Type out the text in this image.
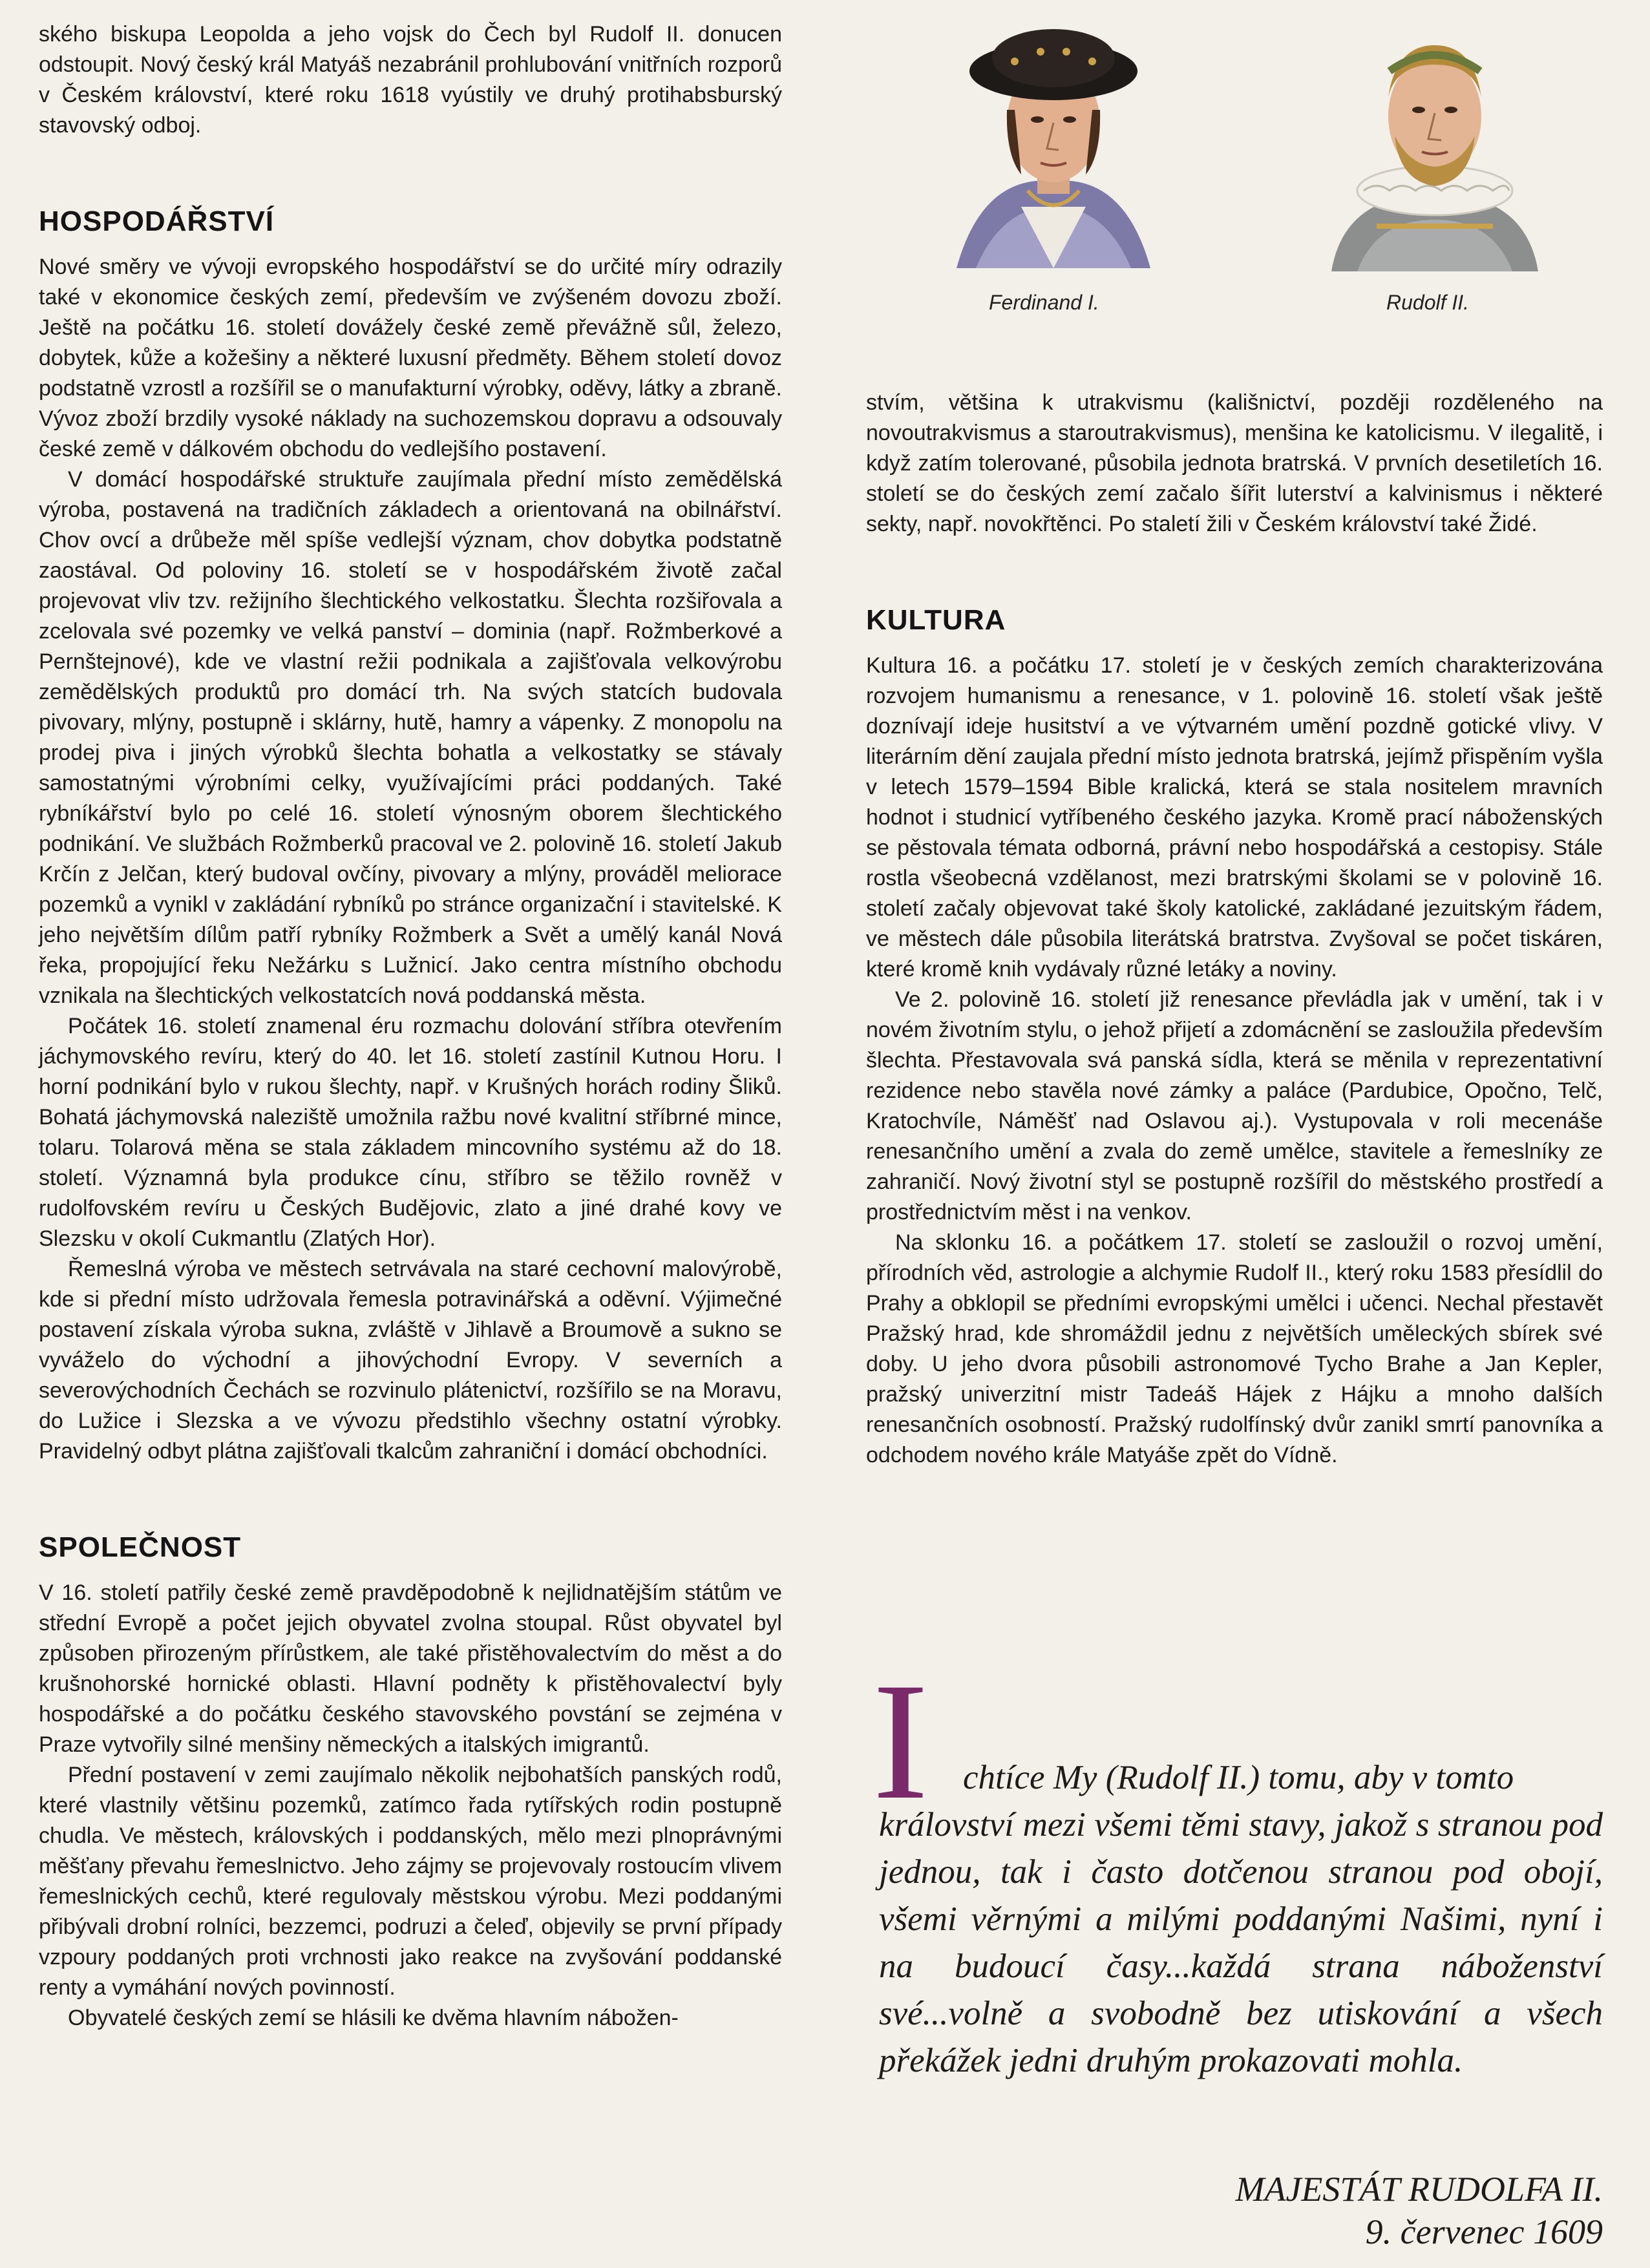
ského biskupa Leopolda a jeho vojsk do Čech byl Rudolf II. donucen odstoupit. Nový český král Matyáš nezabránil prohlubování vnitřních rozporů v Českém království, které roku 1618 vyústily ve druhý protihabsburský stavovský odboj.

HOSPODÁŘSTVÍ

Nové směry ve vývoji evropského hospodářství se do určité míry odrazily také v ekonomice českých zemí, především ve zvýšeném dovozu zboží. Ještě na počátku 16. století dovážely české země převážně sůl, železo, dobytek, kůže a kožešiny a některé luxusní předměty. Během století dovoz podstatně vzrostl a rozšířil se o manufakturní výrobky, oděvy, látky a zbraně. Vývoz zboží brzdily vysoké náklady na suchozemskou dopravu a odsouvaly české země v dálkovém obchodu do vedlejšího postavení.

V domácí hospodářské struktuře zaujímala přední místo zemědělská výroba, postavená na tradičních základech a orientovaná na obilnářství. Chov ovcí a drůbeže měl spíše vedlejší význam, chov dobytka podstatně zaostával. Od poloviny 16. století se v hospodářském životě začal projevovat vliv tzv. režijního šlechtického velkostatku. Šlechta rozšiřovala a zcelovala své pozemky ve velká panství – dominia (např. Rožmberkové a Pernštejnové), kde ve vlastní režii podnikala a zajišťovala velkovýrobu zemědělských produktů pro domácí trh. Na svých statcích budovala pivovary, mlýny, postupně i sklárny, hutě, hamry a vápenky. Z monopolu na prodej piva i jiných výrobků šlechta bohatla a velkostatky se stávaly samostatnými výrobními celky, využívajícími práci poddaných. Také rybníkářství bylo po celé 16. století výnosným oborem šlechtického podnikání. Ve službách Rožmberků pracoval ve 2. polovině 16. století Jakub Krčín z Jelčan, který budoval ovčíny, pivovary a mlýny, prováděl meliorace pozemků a vynikl v zakládání rybníků po stránce organizační i stavitelské. K jeho největším dílům patří rybníky Rožmberk a Svět a umělý kanál Nová řeka, propojující řeku Nežárku s Lužnicí. Jako centra místního obchodu vznikala na šlechtických velkostatcích nová poddanská města.

Počátek 16. století znamenal éru rozmachu dolování stříbra otevřením jáchymovského revíru, který do 40. let 16. století zastínil Kutnou Horu. I horní podnikání bylo v rukou šlechty, např. v Krušných horách rodiny Šliků. Bohatá jáchymovská naleziště umožnila ražbu nové kvalitní stříbrné mince, tolaru. Tolarová měna se stala základem mincovního systému až do 18. století. Významná byla produkce cínu, stříbro se těžilo rovněž v rudolfovském revíru u Českých Budějovic, zlato a jiné drahé kovy ve Slezsku v okolí Cukmantlu (Zlatých Hor).

Řemeslná výroba ve městech setrvávala na staré cechovní malovýrobě, kde si přední místo udržovala řemesla potravinářská a oděvní. Výjimečné postavení získala výroba sukna, zvláště v Jihlavě a Broumově a sukno se vyváželo do východní a jihovýchodní Evropy. V severních a severovýchodních Čechách se rozvinulo plátenictví, rozšířilo se na Moravu, do Lužice i Slezska a ve vývozu předstihlo všechny ostatní výrobky. Pravidelný odbyt plátna zajišťovali tkalcům zahraniční i domácí obchodníci.

SPOLEČNOST

V 16. století patřily české země pravděpodobně k nejlidnatějším státům ve střední Evropě a počet jejich obyvatel zvolna stoupal. Růst obyvatel byl způsoben přirozeným přírůstkem, ale také přistěhovalectvím do měst a do krušnohorské hornické oblasti. Hlavní podněty k přistěhovalectví byly hospodářské a do počátku českého stavovského povstání se zejména v Praze vytvořily silné menšiny německých a italských imigrantů.

Přední postavení v zemi zaujímalo několik nejbohatších panských rodů, které vlastnily většinu pozemků, zatímco řada rytířských rodin postupně chudla. Ve městech, královských i poddanských, mělo mezi plnoprávnými měšťany převahu řemeslnictvo. Jeho zájmy se projevovaly rostoucím vlivem řemeslnických cechů, které regulovaly městskou výrobu. Mezi poddanými přibývali drobní rolníci, bezzemci, podruzi a čeleď, objevily se první případy vzpoury poddaných proti vrchnosti jako reakce na zvyšování poddanské renty a vymáhání nových povinností.

Obyvatelé českých zemí se hlásili ke dvěma hlavním nábožen-

Ferdinand I.	Rudolf II.

stvím, většina k utrakvismu (kališnictví, později rozděleného na novoutrakvismus a staroutrakvismus), menšina ke katolicismu. V ilegalitě, i když zatím tolerované, působila jednota bratrská. V prvních desetiletích 16. století se do českých zemí začalo šířit luterství a kalvinismus i některé sekty, např. novokřtěnci. Po staletí žili v Českém království také Židé.

KULTURA

Kultura 16. a počátku 17. století je v českých zemích charakterizována rozvojem humanismu a renesance, v 1. polovině 16. století však ještě doznívají ideje husitství a ve výtvarném umění pozdně gotické vlivy. V literárním dění zaujala přední místo jednota bratrská, jejímž přispěním vyšla v letech 1579–1594 Bible kralická, která se stala nositelem mravních hodnot i studnicí vytříbeného českého jazyka. Kromě prací náboženských se pěstovala témata odborná, právní nebo hospodářská a cestopisy. Stále rostla všeobecná vzdělanost, mezi bratrskými školami se v polovině 16. století začaly objevovat také školy katolické, zakládané jezuitským řádem, ve městech dále působila literátská bratrstva. Zvyšoval se počet tiskáren, které kromě knih vydávaly různé letáky a noviny.

Ve 2. polovině 16. století již renesance převládla jak v umění, tak i v novém životním stylu, o jehož přijetí a zdomácnění se zasloužila především šlechta. Přestavovala svá panská sídla, která se měnila v reprezentativní rezidence nebo stavěla nové zámky a paláce (Pardubice, Opočno, Telč, Kratochvíle, Náměšť nad Oslavou aj.). Vystupovala v roli mecenáše renesančního umění a zvala do země umělce, stavitele a řemeslníky ze zahraničí. Nový životní styl se postupně rozšířil do městského prostředí a prostřednictvím měst i na venkov.

Na sklonku 16. a počátkem 17. století se zasloužil o rozvoj umění, přírodních věd, astrologie a alchymie Rudolf II., který roku 1583 přesídlil do Prahy a obklopil se předními evropskými umělci i učenci. Nechal přestavět Pražský hrad, kde shromáždil jednu z největších uměleckých sbírek své doby. U jeho dvora působili astronomové Tycho Brahe a Jan Kepler, pražský univerzitní mistr Tadeáš Hájek z Hájku a mnoho dalších renesančních osobností. Pražský rudolfínský dvůr zanikl smrtí panovníka a odchodem nového krále Matyáše zpět do Vídně.

I chtíce My (Rudolf II.) tomu, aby v tomto
království mezi všemi těmi stavy, jakož s stranou pod jednou, tak i často dotčenou stranou pod obojí, všemi věrnými a milými poddanými Našimi, nyní i na budoucí časy...každá strana náboženství své...volně a svobodně bez utiskování a všech překážek jedni druhým prokazovati mohla.
MAJESTÁT RUDOLFA II.
9. červenec 1609
